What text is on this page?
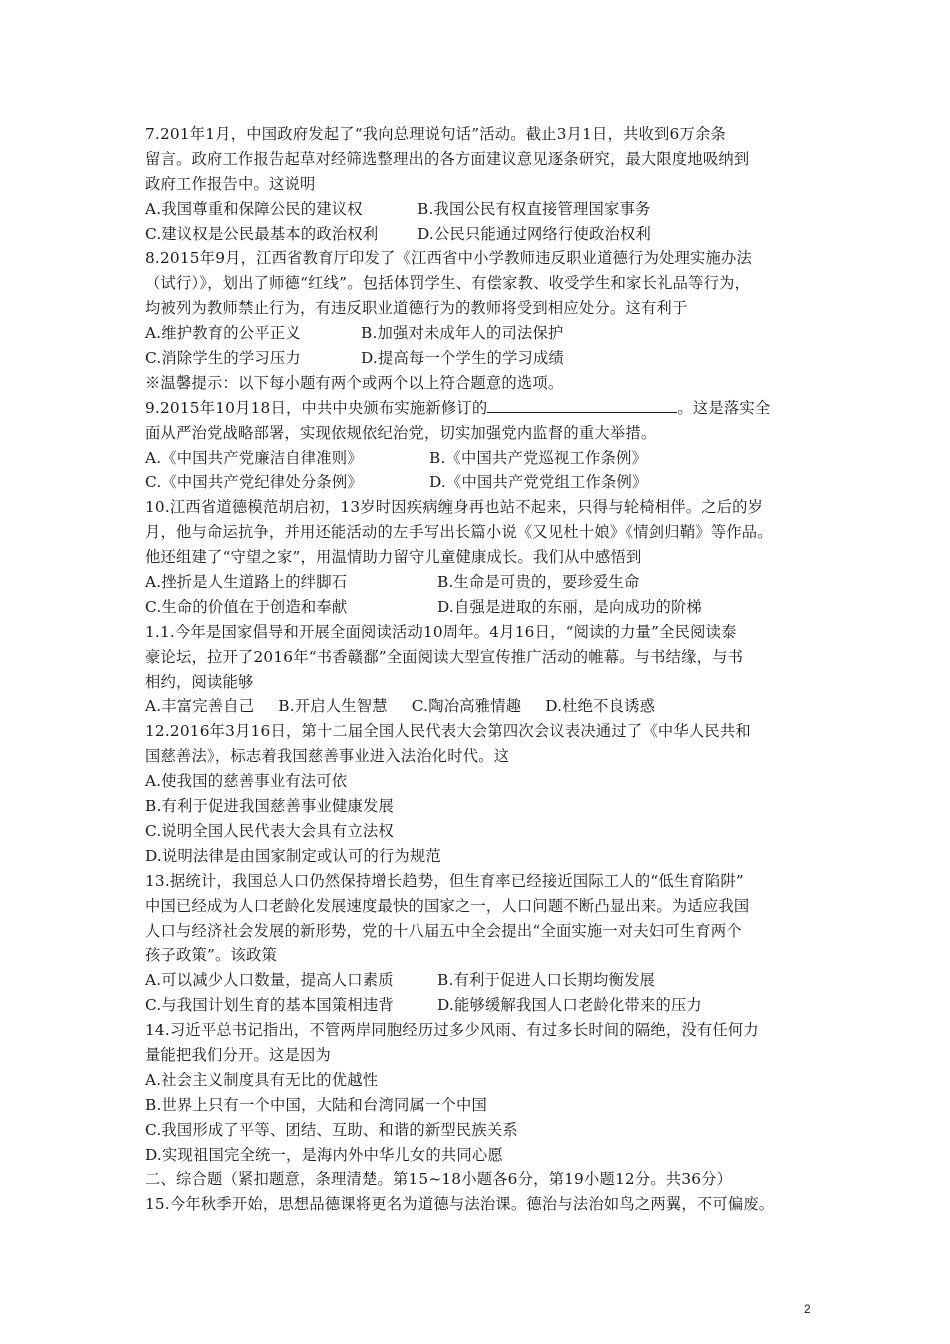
7.201年1月，中国政府发起了“我向总理说句话”活动。截止3月1日，共收到6万余条
留言。政府工作报告起草对经筛选整理出的各方面建议意见逐条研究，最大限度地吸纳到
政府工作报告中。这说明
A.我国尊重和保障公民的建议权	B.我国公民有权直接管理国家事务
C.建议权是公民最基本的政治权利	D.公民只能通过网络行使政治权利
8.2015年9月，江西省教育厅印发了《江西省中小学教师违反职业道德行为处理实施办法
（试行）》，划出了师德“红线”。包括体罚学生、有偿家教、收受学生和家长礼品等行为，
均被列为教师禁止行为，有违反职业道德行为的教师将受到相应处分。这有利于
A.维护教育的公平正义	B.加强对未成年人的司法保护
C.消除学生的学习压力	D.提高每一个学生的学习成绩
※温馨提示：以下每小题有两个或两个以上符合题意的选项。
9.2015年10月18日，中共中央颁布实施新修订的	。这是落实全
面从严治党战略部署，实现依规依纪治党，切实加强党内监督的重大举措。
A.《中国共产党廉洁自律准则》	B.《中国共产党巡视工作条例》
C.《中国共产党纪律处分条例》	D.《中国共产党党组工作条例》
10.江西省道德模范胡启初，13岁时因疾病缠身再也站不起来，只得与轮椅相伴。之后的岁
月，他与命运抗争，并用还能活动的左手写出长篇小说《又见杜十娘》《情剑归鞘》等作品。
他还组建了“守望之家”，用温情助力留守儿童健康成长。我们从中感悟到
A.挫折是人生道路上的绊脚石	B.生命是可贵的，要珍爱生命
C.生命的价值在于创造和奉献	D.自强是进取的东丽，是向成功的阶梯
1.1.今年是国家倡导和开展全面阅读活动10周年。4月16日，“阅读的力量”全民阅读泰
豪论坛，拉开了2016年“书香赣鄱”全面阅读大型宣传推广活动的帷幕。与书结缘，与书
相约，阅读能够
A.丰富完善自己 B.开启人生智慧 C.陶冶高雅情趣 D.杜绝不良诱惑
12.2016年3月16日，第十二届全国人民代表大会第四次会议表决通过了《中华人民共和
国慈善法》，标志着我国慈善事业进入法治化时代。这
A.使我国的慈善事业有法可依
B.有利于促进我国慈善事业健康发展
C.说明全国人民代表大会具有立法权
D.说明法律是由国家制定或认可的行为规范
13.据统计，我国总人口仍然保持增长趋势，但生育率已经接近国际工人的“低生育陷阱”
中国已经成为人口老龄化发展速度最快的国家之一，人口问题不断凸显出来。为适应我国
人口与经济社会发展的新形势，党的十八届五中全会提出“全面实施一对夫妇可生育两个
孩子政策”。该政策
A.可以减少人口数量，提高人口素质	B.有利于促进人口长期均衡发展
C.与我国计划生育的基本国策相违背	D.能够缓解我国人口老龄化带来的压力
14.习近平总书记指出，不管两岸同胞经历过多少风雨、有过多长时间的隔绝，没有任何力
量能把我们分开。这是因为
A.社会主义制度具有无比的优越性
B.世界上只有一个中国，大陆和台湾同属一个中国
C.我国形成了平等、团结、互助、和谐的新型民族关系
D.实现祖国完全统一，是海内外中华儿女的共同心愿
二、综合题（紧扣题意，条理清楚。第15~18小题各6分，第19小题12分。共36分）
15.今年秋季开始，思想品德课将更名为道德与法治课。德治与法治如鸟之两翼，不可偏废。
2
